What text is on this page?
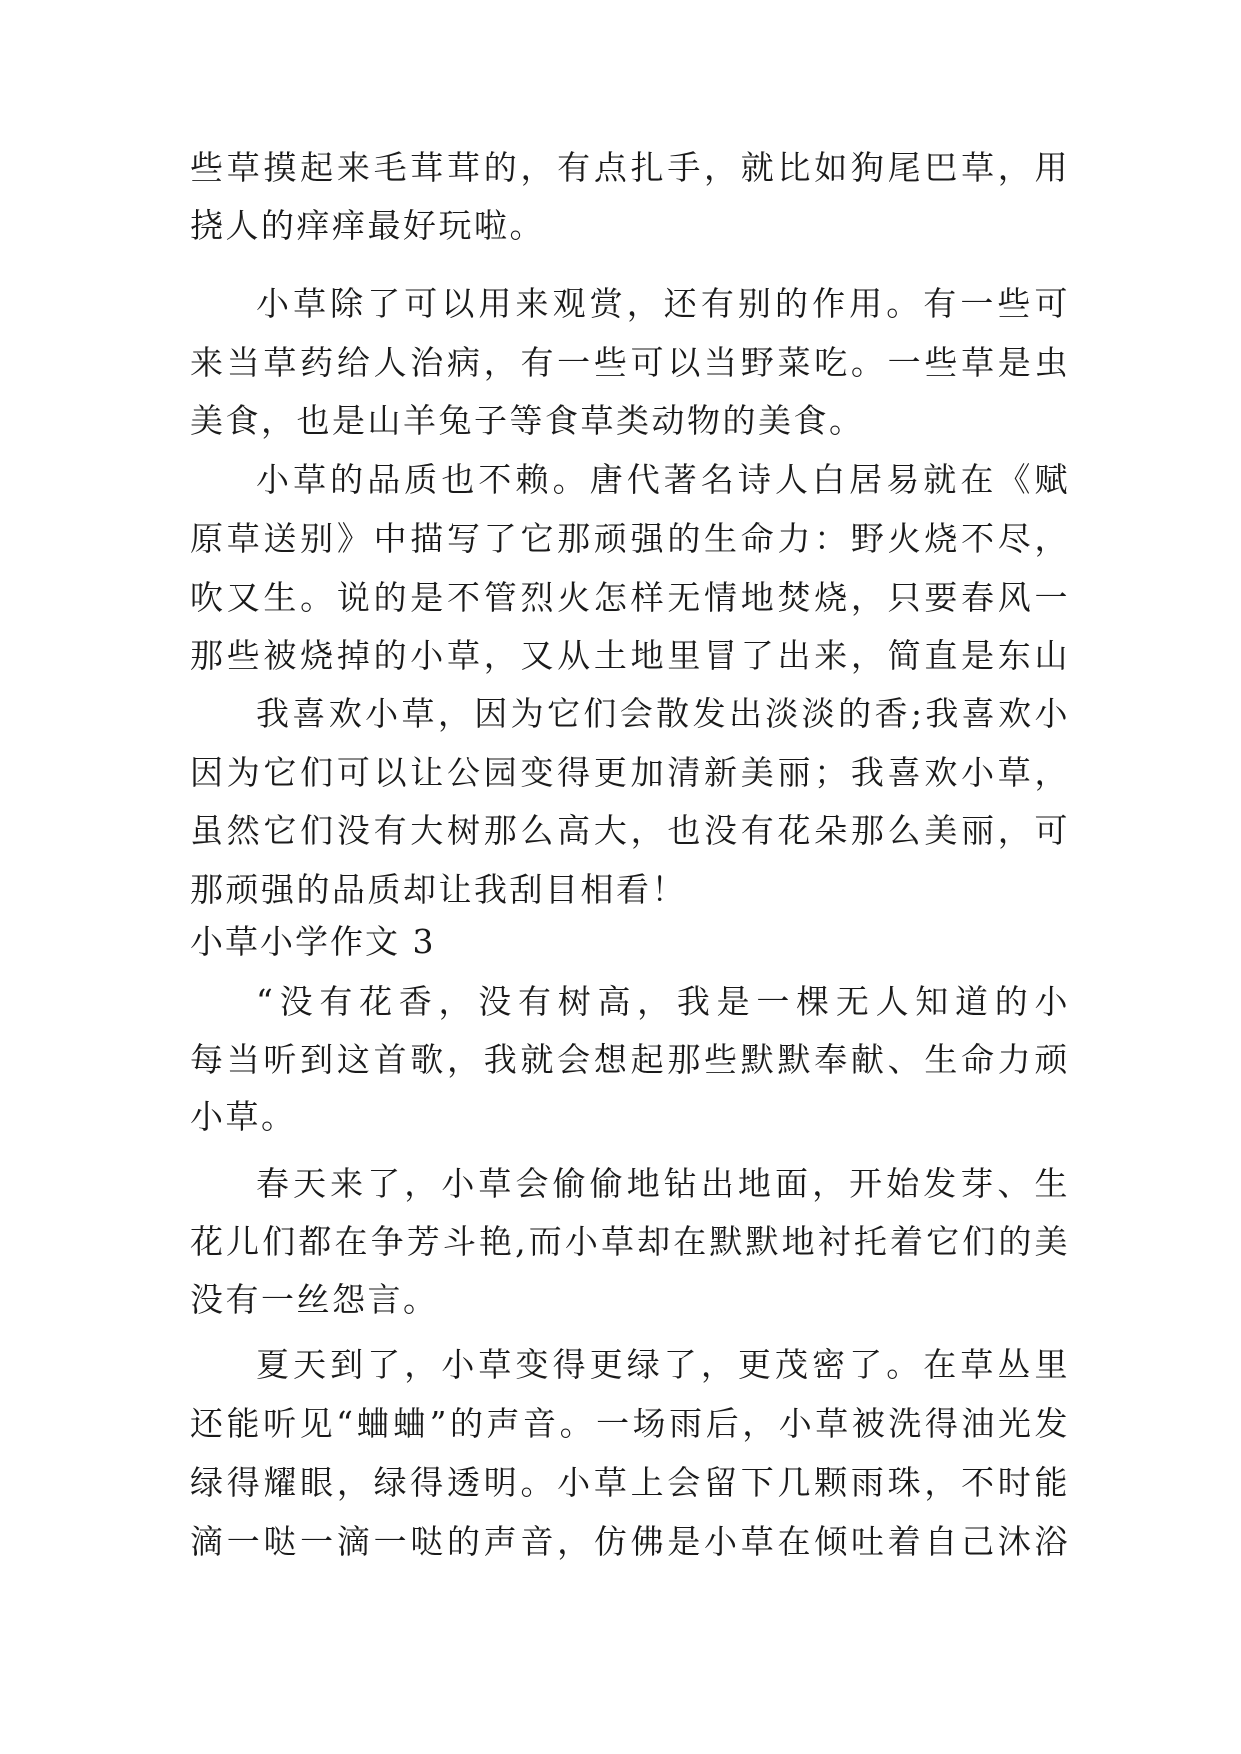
些草摸起来毛茸茸的，有点扎手，就比如狗尾巴草，用
挠人的痒痒最好玩啦。
小草除了可以用来观赏，还有别的作用。有一些可
来当草药给人治病，有一些可以当野菜吃。一些草是虫
美食，也是山羊兔子等食草类动物的美食。
小草的品质也不赖。唐代著名诗人白居易就在《赋
原草送别》中描写了它那顽强的生命力：野火烧不尽，
吹又生。说的是不管烈火怎样无情地焚烧，只要春风一
那些被烧掉的小草，又从土地里冒了出来，简直是东山
我喜欢小草，因为它们会散发出淡淡的香;我喜欢小
因为它们可以让公园变得更加清新美丽；我喜欢小草，
虽然它们没有大树那么高大，也没有花朵那么美丽，可
那顽强的品质却让我刮目相看！
小草小学作文 3
“没有花香，没有树高，我是一棵无人知道的小
每当听到这首歌，我就会想起那些默默奉献、生命力顽
小草。
春天来了，小草会偷偷地钻出地面，开始发芽、生
花儿们都在争芳斗艳,而小草却在默默地衬托着它们的美
没有一丝怨言。
夏天到了，小草变得更绿了，更茂密了。在草丛里
还能听见“蛐蛐”的声音。一场雨后，小草被洗得油光发
绿得耀眼，绿得透明。小草上会留下几颗雨珠，不时能
滴一哒一滴一哒的声音，仿佛是小草在倾吐着自己沐浴
